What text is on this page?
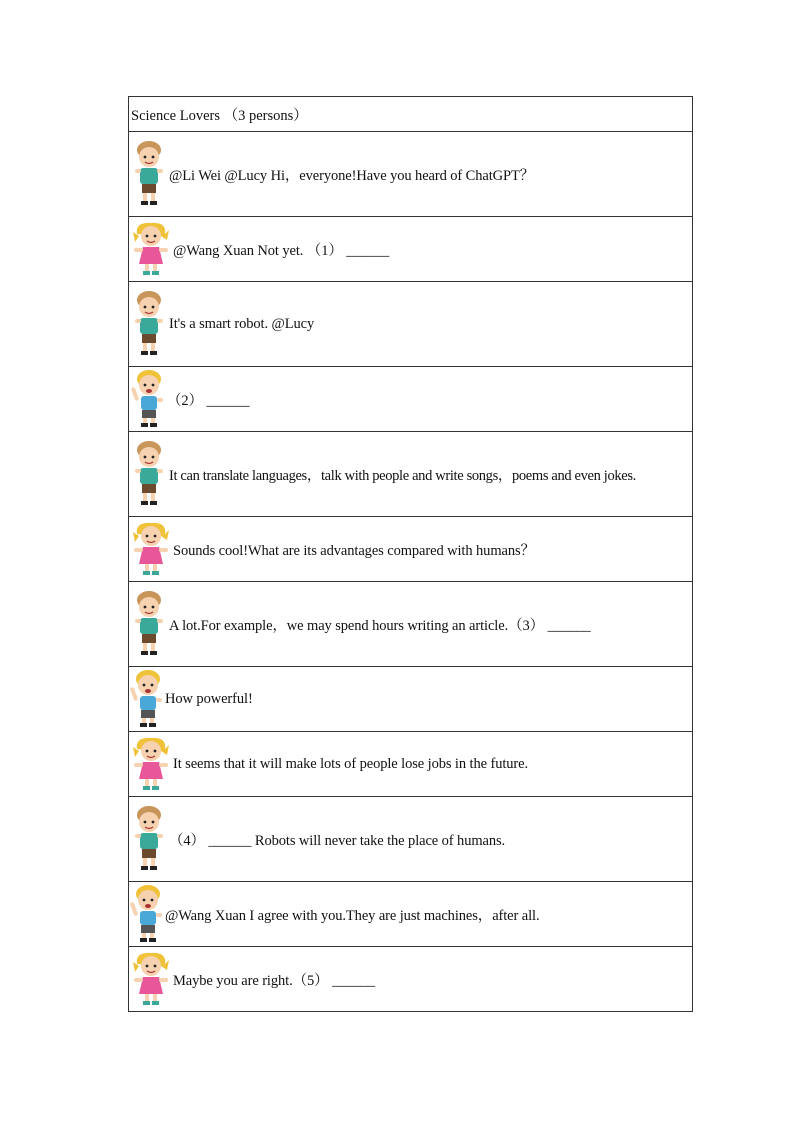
Science Lovers （3 persons）

@Li Wei @Lucy Hi，everyone!Have you heard of ChatGPT？

@Wang Xuan Not yet. （1） ______

It's a smart robot. @Lucy

（2） ______

It can translate languages，talk with people and write songs，poems and even jokes.

Sounds cool!What are its advantages compared with humans？

A lot.For example，we may spend hours writing an article.（3） ______

How powerful!

It seems that it will make lots of people lose jobs in the future.

（4） ______ Robots will never take the place of humans.

@Wang Xuan I agree with you.They are just machines，after all.

Maybe you are right.（5） ______
